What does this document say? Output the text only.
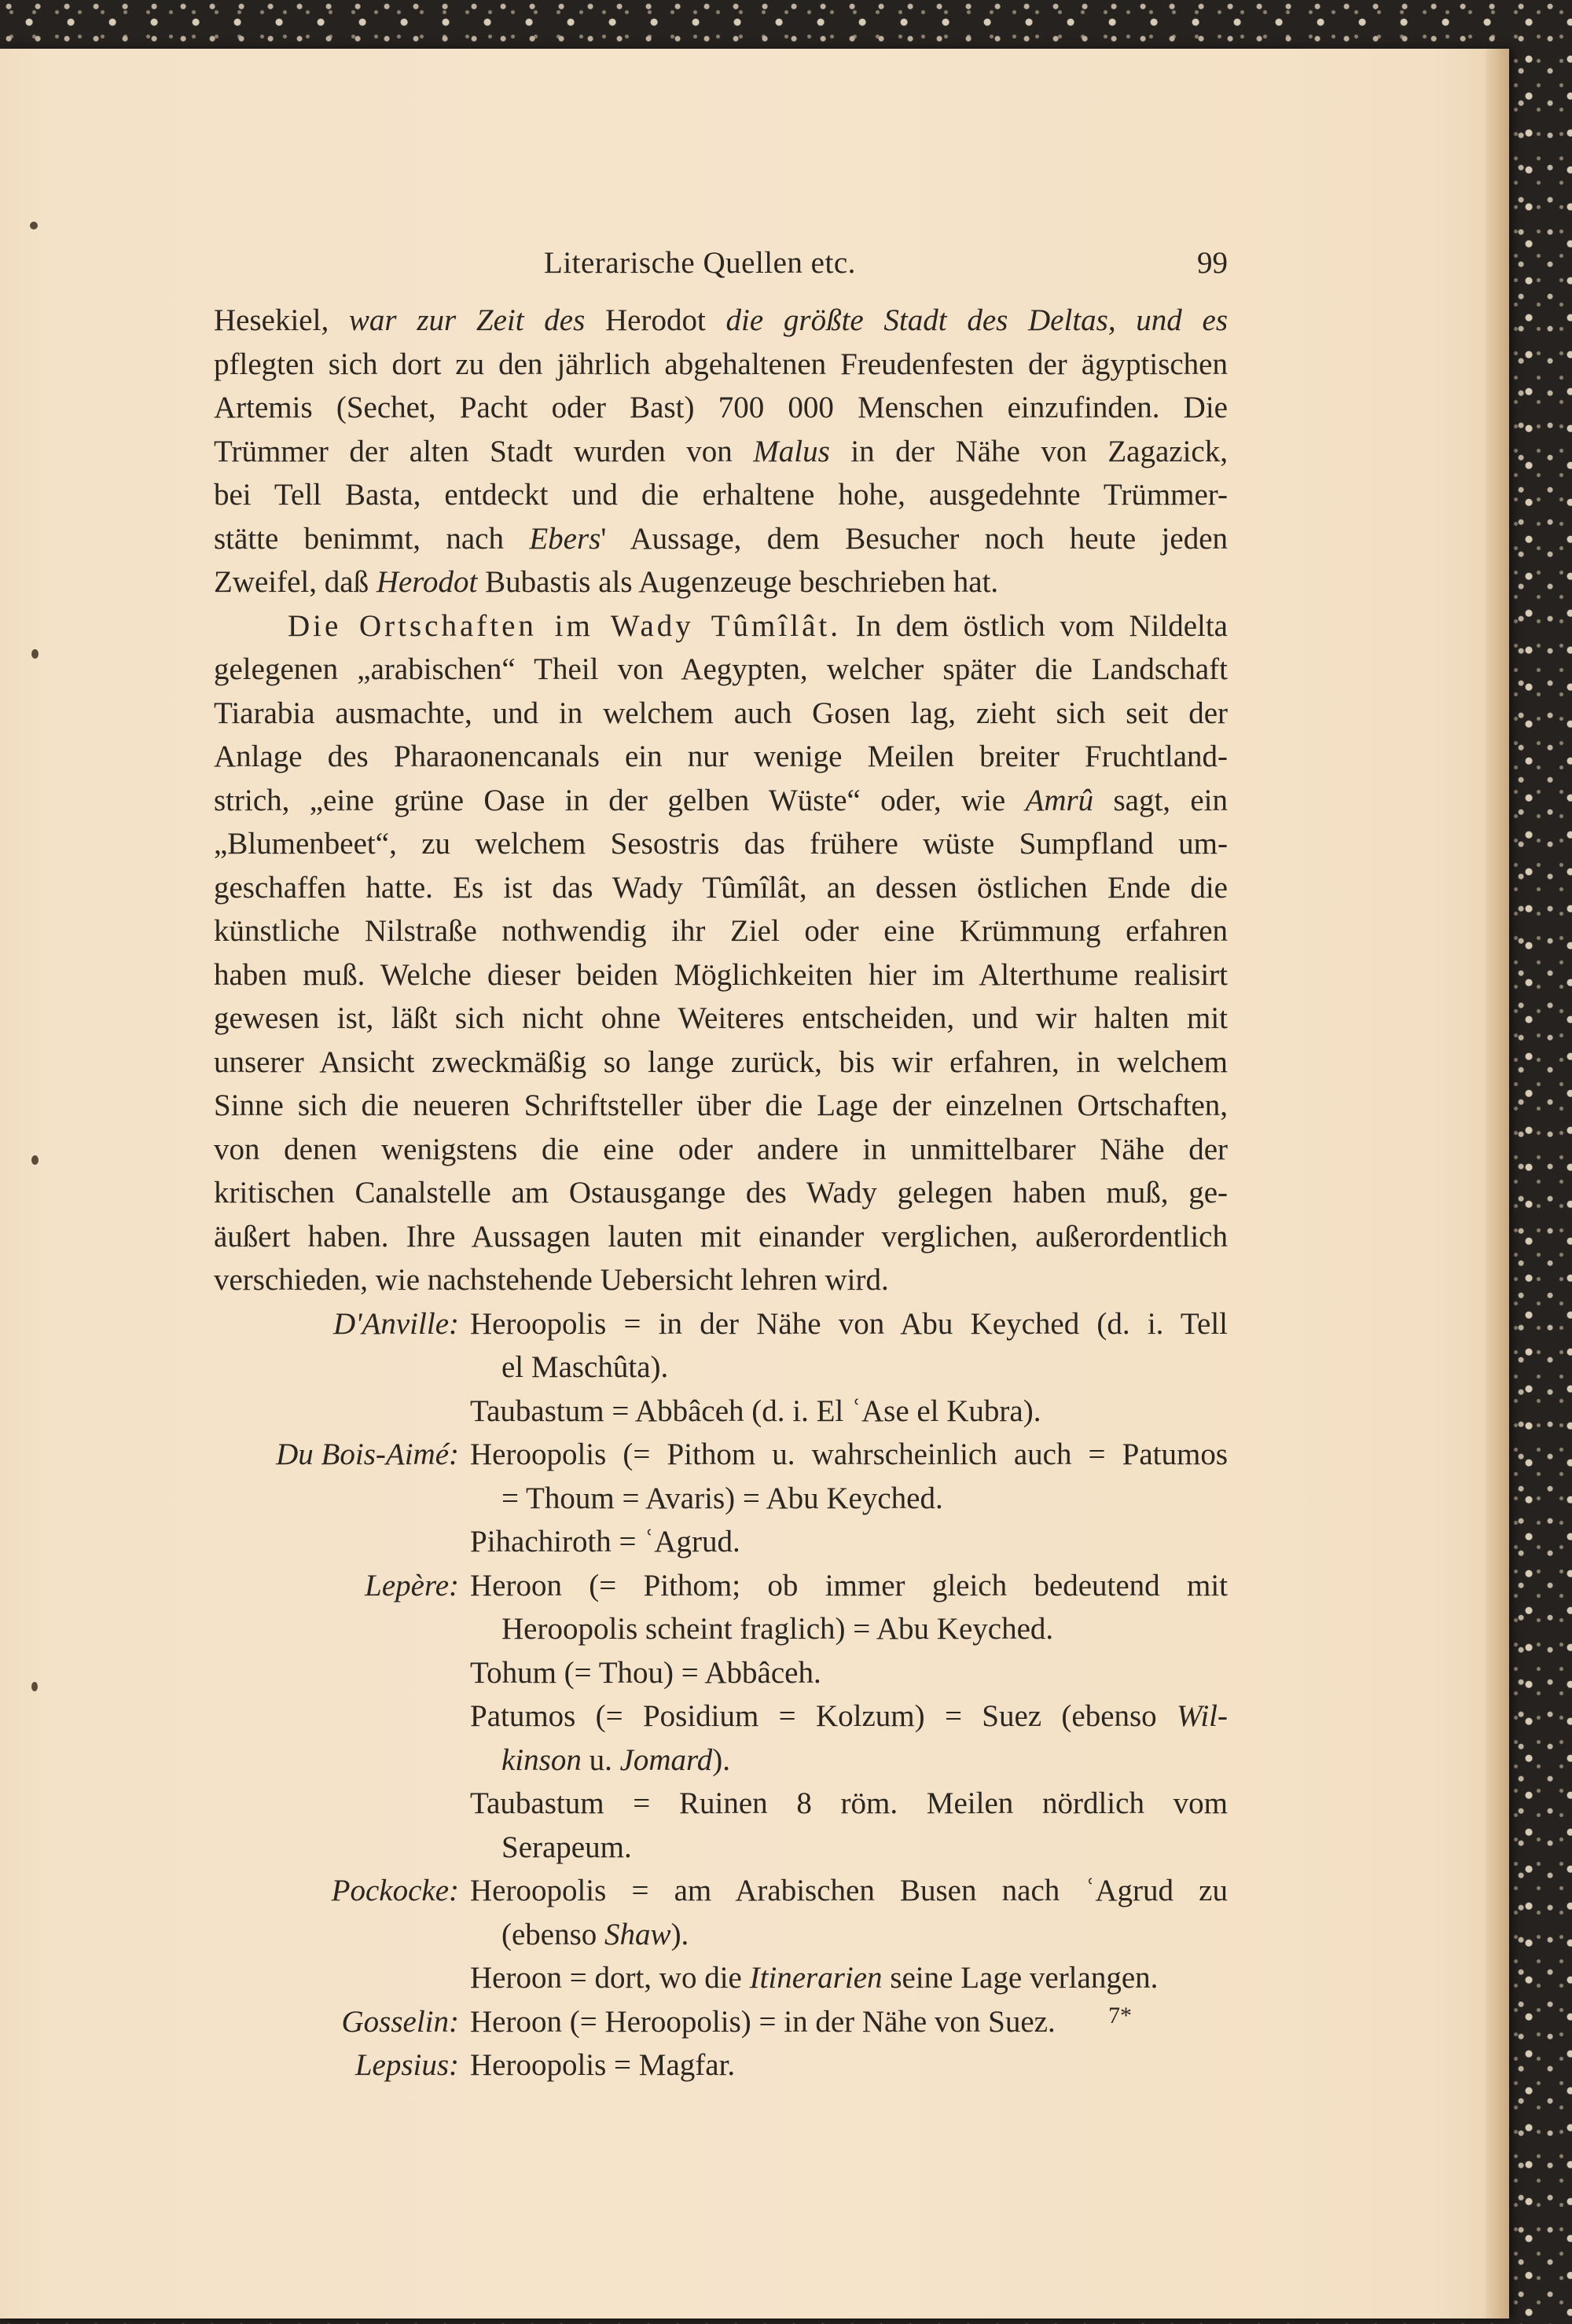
Literarische Quellen etc.	99
Hesekiel, war zur Zeit des Herodot die größte Stadt des Deltas, und es
pflegten sich dort zu den jährlich abgehaltenen Freudenfesten der ägyptischen
Artemis (Sechet, Pacht oder Bast) 700 000 Menschen einzufinden. Die
Trümmer der alten Stadt wurden von Malus in der Nähe von Zagazick,
bei Tell Basta, entdeckt und die erhaltene hohe, ausgedehnte Trümmer-
stätte benimmt, nach Ebers' Aussage, dem Besucher noch heute jeden
Zweifel, daß Herodot Bubastis als Augenzeuge beschrieben hat.
Die Ortschaften im Wady Tûmîlât. In dem östlich vom Nildelta
gelegenen „arabischen“ Theil von Aegypten, welcher später die Landschaft
Tiarabia ausmachte, und in welchem auch Gosen lag, zieht sich seit der
Anlage des Pharaonencanals ein nur wenige Meilen breiter Fruchtland-
strich, „eine grüne Oase in der gelben Wüste“ oder, wie Amrû sagt, ein
„Blumenbeet“, zu welchem Sesostris das frühere wüste Sumpfland um-
geschaffen hatte. Es ist das Wady Tûmîlât, an dessen östlichen Ende die
künstliche Nilstraße nothwendig ihr Ziel oder eine Krümmung erfahren
haben muß. Welche dieser beiden Möglichkeiten hier im Alterthume realisirt
gewesen ist, läßt sich nicht ohne Weiteres entscheiden, und wir halten mit
unserer Ansicht zweckmäßig so lange zurück, bis wir erfahren, in welchem
Sinne sich die neueren Schriftsteller über die Lage der einzelnen Ortschaften,
von denen wenigstens die eine oder andere in unmittelbarer Nähe der
kritischen Canalstelle am Ostausgange des Wady gelegen haben muß, ge-
äußert haben. Ihre Aussagen lauten mit einander verglichen, außerordentlich
verschieden, wie nachstehende Uebersicht lehren wird.
D'Anville: Heroopolis = in der Nähe von Abu Keyched (d. i. Tell
el Maschûta).
Taubastum = Abbâceh (d. i. El ʿAse el Kubra).
Du Bois-Aimé: Heroopolis (= Pithom u. wahrscheinlich auch = Patumos
= Thoum = Avaris) = Abu Keyched.
Pihachiroth = ʿAgrud.
Lepère: Heroon (= Pithom; ob immer gleich bedeutend mit
Heroopolis scheint fraglich) = Abu Keyched.
Tohum (= Thou) = Abbâceh.
Patumos (= Posidium = Kolzum) = Suez (ebenso Wil-
kinson u. Jomard).
Taubastum = Ruinen 8 röm. Meilen nördlich vom
Serapeum.
Pockocke: Heroopolis = am Arabischen Busen nach ʿAgrud zu
(ebenso Shaw).
Heroon = dort, wo die Itinerarien seine Lage verlangen.
Gosselin: Heroon (= Heroopolis) = in der Nähe von Suez.
Lepsius: Heroopolis = Magfar.
7*
